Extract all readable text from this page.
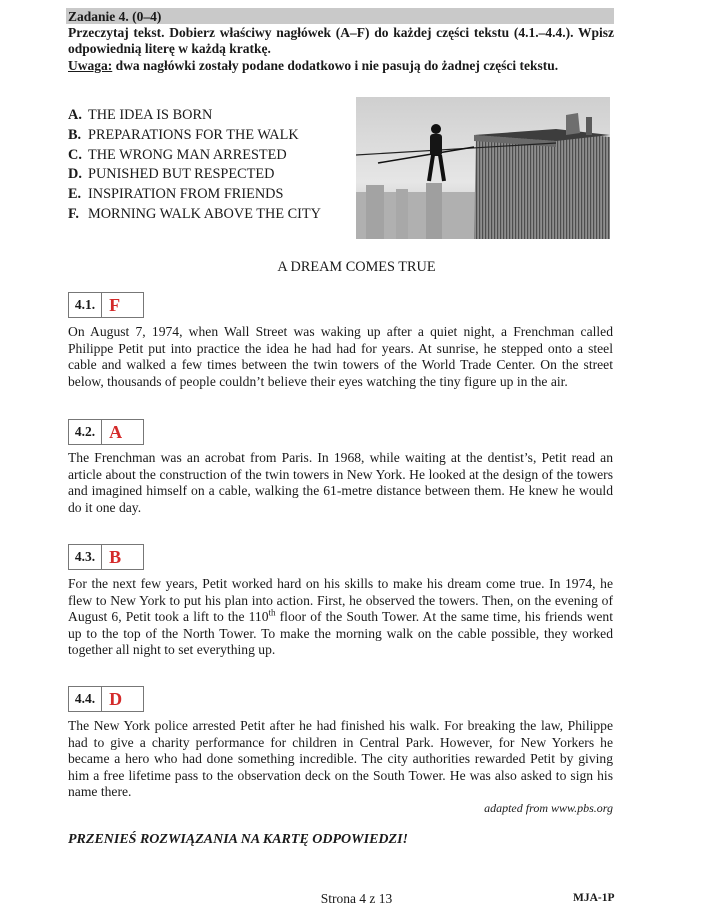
Zadanie 4. (0–4)
Przeczytaj tekst. Dobierz właściwy nagłówek (A–F) do każdej części tekstu (4.1.–4.4.). Wpisz odpowiednią literę w każdą kratkę.
Uwaga: dwa nagłówki zostały podane dodatkowo i nie pasują do żadnej części tekstu.
A. THE IDEA IS BORN
B. PREPARATIONS FOR THE WALK
C. THE WRONG MAN ARRESTED
D. PUNISHED BUT RESPECTED
E. INSPIRATION FROM FRIENDS
F. MORNING WALK ABOVE THE CITY
A DREAM COMES TRUE
4.1. F
On August 7, 1974, when Wall Street was waking up after a quiet night, a Frenchman called Philippe Petit put into practice the idea he had had for years. At sunrise, he stepped onto a steel cable and walked a few times between the twin towers of the World Trade Center. On the street below, thousands of people couldn’t believe their eyes watching the tiny figure up in the air.
4.2. A
The Frenchman was an acrobat from Paris. In 1968, while waiting at the dentist’s, Petit read an article about the construction of the twin towers in New York. He looked at the design of the towers and imagined himself on a cable, walking the 61-metre distance between them. He knew he would do it one day.
4.3. B
For the next few years, Petit worked hard on his skills to make his dream come true. In 1974, he flew to New York to put his plan into action. First, he observed the towers. Then, on the evening of August 6, Petit took a lift to the 110th floor of the South Tower. At the same time, his friends went up to the top of the North Tower. To make the morning walk on the cable possible, they worked together all night to set everything up.
4.4. D
The New York police arrested Petit after he had finished his walk. For breaking the law, Philippe had to give a charity performance for children in Central Park. However, for New Yorkers he became a hero who had done something incredible. The city authorities rewarded Petit by giving him a free lifetime pass to the observation deck on the South Tower. He was also asked to sign his name there.
adapted from www.pbs.org
PRZENIEŚ ROZWIĄZANIA NA KARTĘ ODPOWIEDZI!
Strona 4 z 13	MJA-1P
